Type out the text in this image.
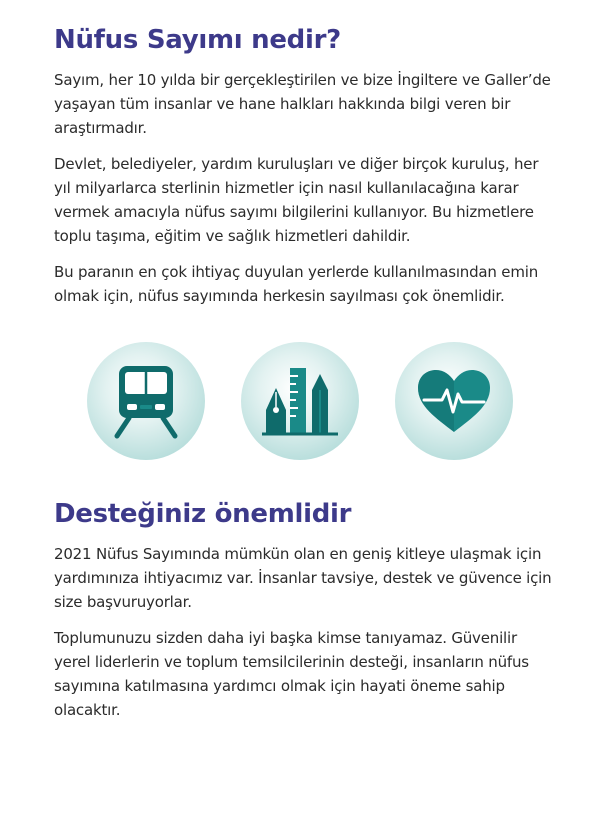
Nüfus Sayımı nedir?

Sayım, her 10 yılda bir gerçekleştirilen ve bize İngiltere ve Galler’de yaşayan tüm insanlar ve hane halkları hakkında bilgi veren bir araştırmadır.

Devlet, belediyeler, yardım kuruluşları ve diğer birçok kuruluş, her yıl milyarlarca sterlinin hizmetler için nasıl kullanılacağına karar vermek amacıyla nüfus sayımı bilgilerini kullanıyor. Bu hizmetlere toplu taşıma, eğitim ve sağlık hizmetleri dahildir.

Bu paranın en çok ihtiyaç duyulan yerlerde kullanılmasından emin olmak için, nüfus sayımında herkesin sayılması çok önemlidir.

Desteğiniz önemlidir

2021 Nüfus Sayımında mümkün olan en geniş kitleye ulaşmak için yardımınıza ihtiyacımız var. İnsanlar tavsiye, destek ve güvence için size başvuruyorlar.

Toplumunuzu sizden daha iyi başka kimse tanıyamaz. Güvenilir yerel liderlerin ve toplum temsilcilerinin desteği, insanların nüfus sayımına katılmasına yardımcı olmak için hayati öneme sahip olacaktır.
